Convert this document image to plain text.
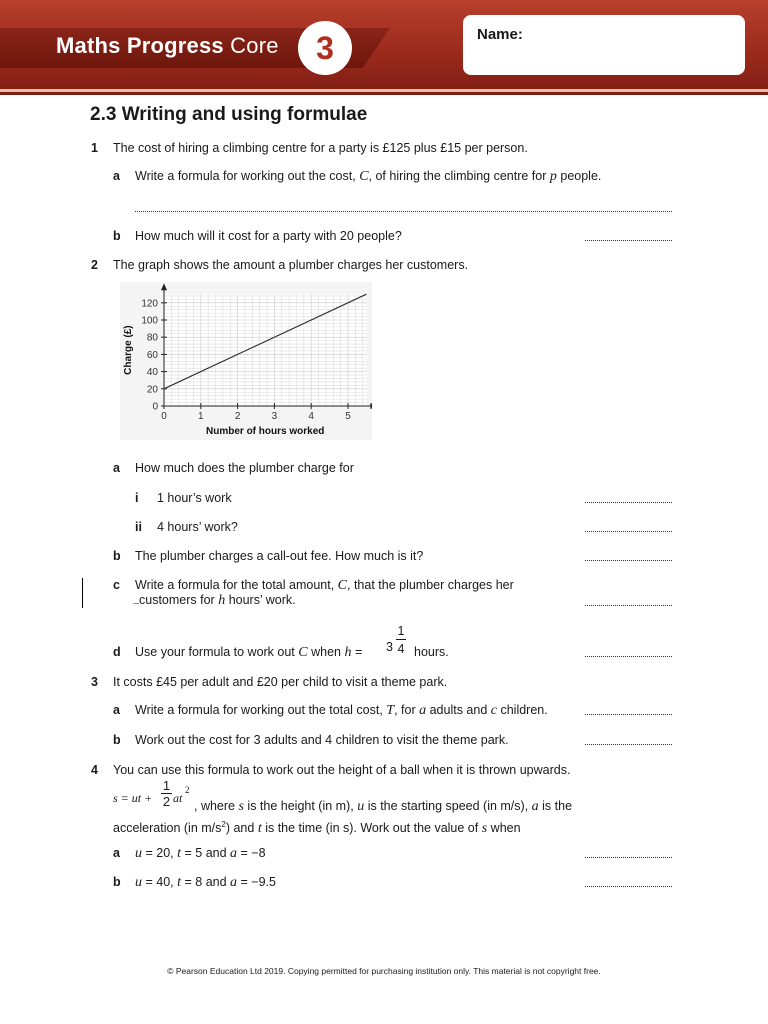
Maths Progress Core	3	Name:
2.3 Writing and using formulae
1 The cost of hiring a climbing centre for a party is £125 plus £15 per person.
a Write a formula for working out the cost, C, of hiring the climbing centre for p people.
b How much will it cost for a party with 20 people?
2 The graph shows the amount a plumber charges her customers.
0	1	2	3	4	5
0
20
40
60
80
100
120
Number of hours worked
Charge (£)
a How much does the plumber charge for
i 1 hour’s work
ii 4 hours’ work?
b The plumber charges a call-out fee. How much is it?
c Write a formula for the total amount, C, that the plumber charges her
customers for h hours’ work.
d Use your formula to work out C when h = 3
1
4 hours.
3 It costs £45 per adult and £20 per child to visit a theme park.
a Write a formula for working out the total cost, T, for a adults and c children.
b Work out the cost for 3 adults and 4 children to visit the theme park.
4 You can use this formula to work out the height of a ball when it is thrown upwards.
s = ut +
1
2 at
2
, where s is the height (in m), u is the starting speed (in m/s), a is the
acceleration (in $m/s^2$) and t is the time (in s). Work out the value of s when
a u = 20, t = 5 and a = −8
b u = 40, t = 8 and a = −9.5
© Pearson Education Ltd 2019. Copying permitted for purchasing institution only. This material is not copyright free.
